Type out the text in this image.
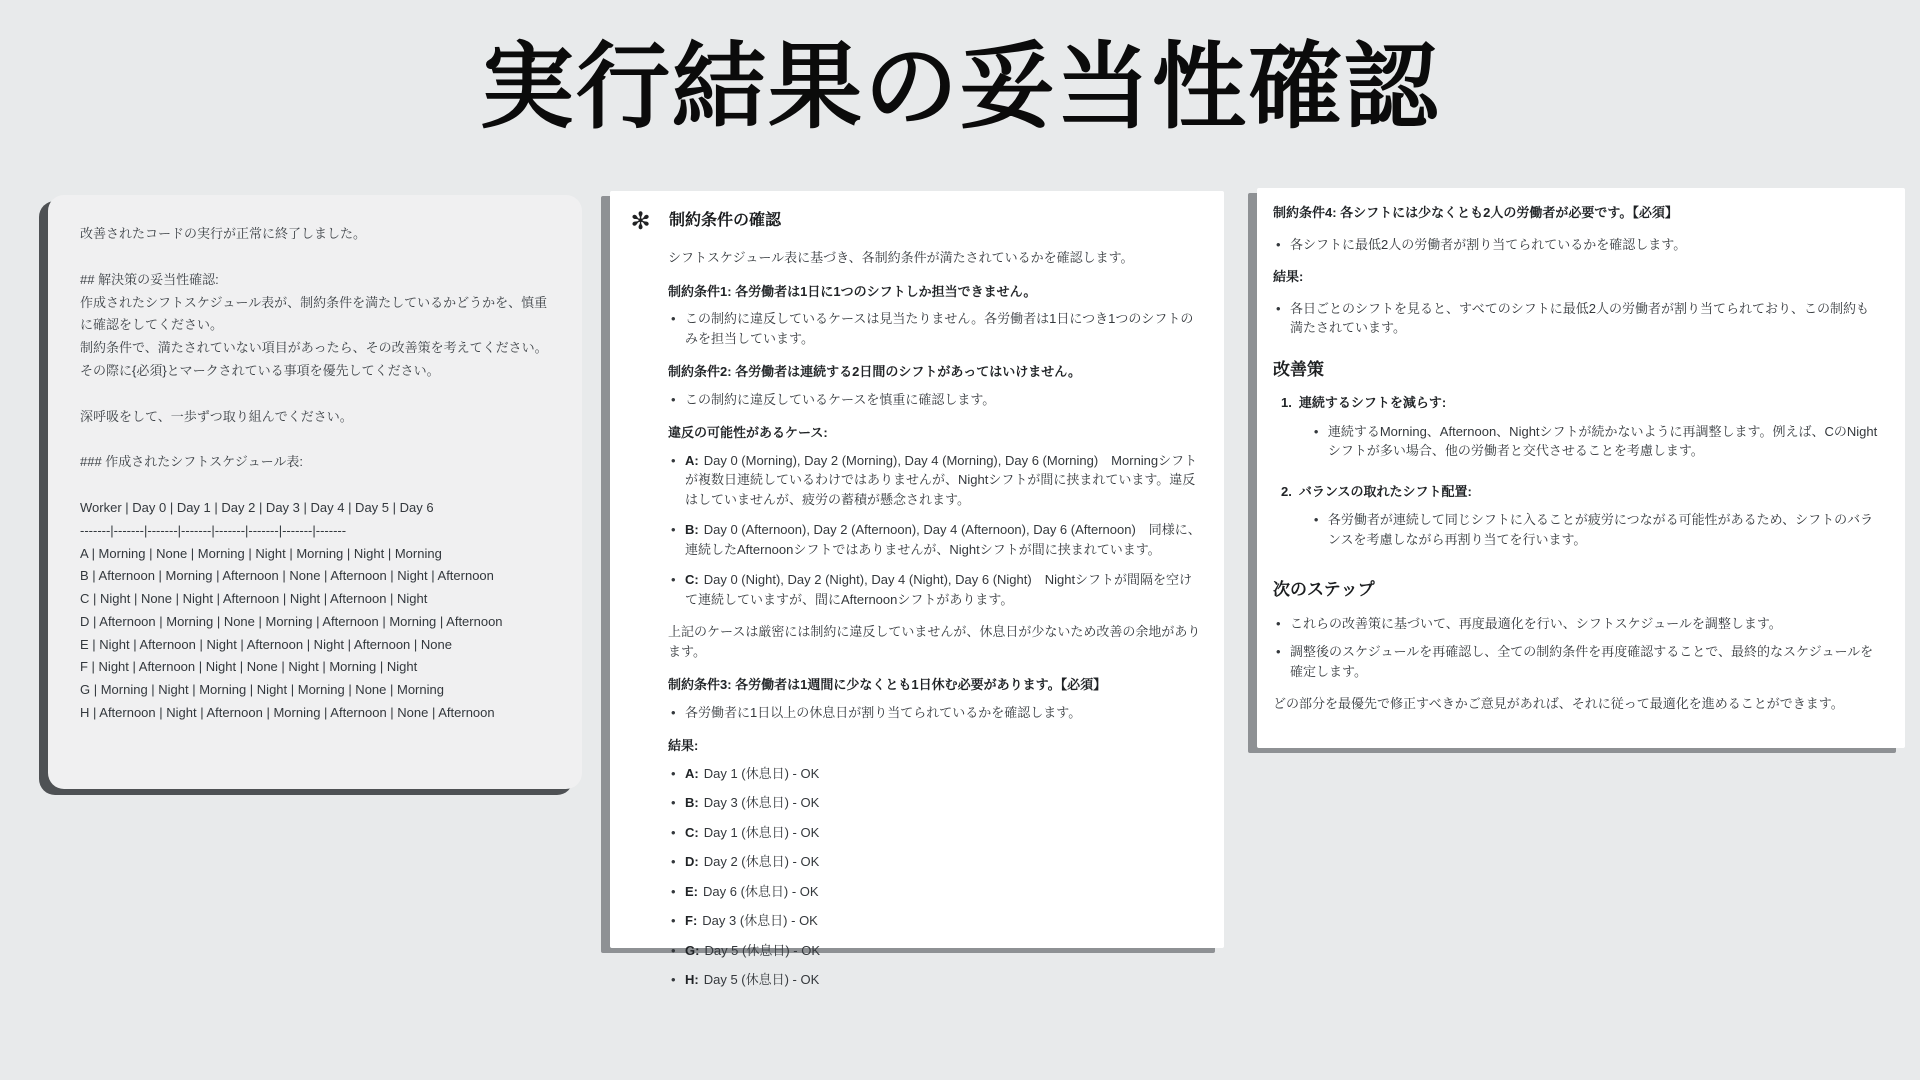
実行結果の妥当性確認

改善されたコードの実行が正常に終了しました。

## 解決策の妥当性確認:

作成されたシフトスケジュール表が、制約条件を満たしているかどうかを、慎重に確認をしてください。

制約条件で、満たされていない項目があったら、その改善策を考えてください。その際に{必須}とマークされている事項を優先してください。

深呼吸をして、一歩ずつ取り組んでください。

### 作成されたシフトスケジュール表:

Worker | Day 0 | Day 1 | Day 2 | Day 3 | Day 4 | Day 5 | Day 6
-------|-------|-------|-------|-------|-------|-------|-------
A | Morning | None | Morning | Night | Morning | Night | Morning
B | Afternoon | Morning | Afternoon | None | Afternoon | Night | Afternoon
C | Night | None | Night | Afternoon | Night | Afternoon | Night
D | Afternoon | Morning | None | Morning | Afternoon | Morning | Afternoon
E | Night | Afternoon | Night | Afternoon | Night | Afternoon | None
F | Night | Afternoon | Night | None | Night | Morning | Night
G | Morning | Night | Morning | Night | Morning | None | Morning
H | Afternoon | Night | Afternoon | Morning | Afternoon | None | Afternoon
✻ 制約条件の確認

シフトスケジュール表に基づき、各制約条件が満たされているかを確認します。

制約条件1: 各労働者は1日に1つのシフトしか担当できません。

• この制約に違反しているケースは見当たりません。各労働者は1日につき1つのシフトのみを担当しています。

制約条件2: 各労働者は連続する2日間のシフトがあってはいけません。

• この制約に違反しているケースを慎重に確認します。

違反の可能性があるケース:

• A: Day 0 (Morning), Day 2 (Morning), Day 4 (Morning), Day 6 (Morning)　Morningシフトが複数日連続しているわけではありませんが、Nightシフトが間に挟まれています。違反はしていませんが、疲労の蓄積が懸念されます。
• B: Day 0 (Afternoon), Day 2 (Afternoon), Day 4 (Afternoon), Day 6 (Afternoon)　同様に、連続したAfternoonシフトではありませんが、Nightシフトが間に挟まれています。
• C: Day 0 (Night), Day 2 (Night), Day 4 (Night), Day 6 (Night)　Nightシフトが間隔を空けて連続していますが、間にAfternoonシフトがあります。

上記のケースは厳密には制約に違反していませんが、休息日が少ないため改善の余地があります。

制約条件3: 各労働者は1週間に少なくとも1日休む必要があります。【必須】

• 各労働者に1日以上の休息日が割り当てられているかを確認します。

結果:

• A: Day 1 (休息日) - OK
• B: Day 3 (休息日) - OK
• C: Day 1 (休息日) - OK
• D: Day 2 (休息日) - OK
• E: Day 6 (休息日) - OK
• F: Day 3 (休息日) - OK
• G: Day 5 (休息日) - OK
• H: Day 5 (休息日) - OK

制約条件4: 各シフトには少なくとも2人の労働者が必要です。【必須】

• 各シフトに最低2人の労働者が割り当てられているかを確認します。

結果:

• 各日ごとのシフトを見ると、すべてのシフトに最低2人の労働者が割り当てられており、この制約も満たされています。
改善策
1. 連続するシフトを減らす:
• 連続するMorning、Afternoon、Nightシフトが続かないように再調整します。例えば、CのNightシフトが多い場合、他の労働者と交代させることを考慮します。
2. バランスの取れたシフト配置:
• 各労働者が連続して同じシフトに入ることが疲労につながる可能性があるため、シフトのバランスを考慮しながら再割り当てを行います。
次のステップ
• これらの改善策に基づいて、再度最適化を行い、シフトスケジュールを調整します。
• 調整後のスケジュールを再確認し、全ての制約条件を再度確認することで、最終的なスケジュールを確定します。

どの部分を最優先で修正すべきかご意見があれば、それに従って最適化を進めることができます。
